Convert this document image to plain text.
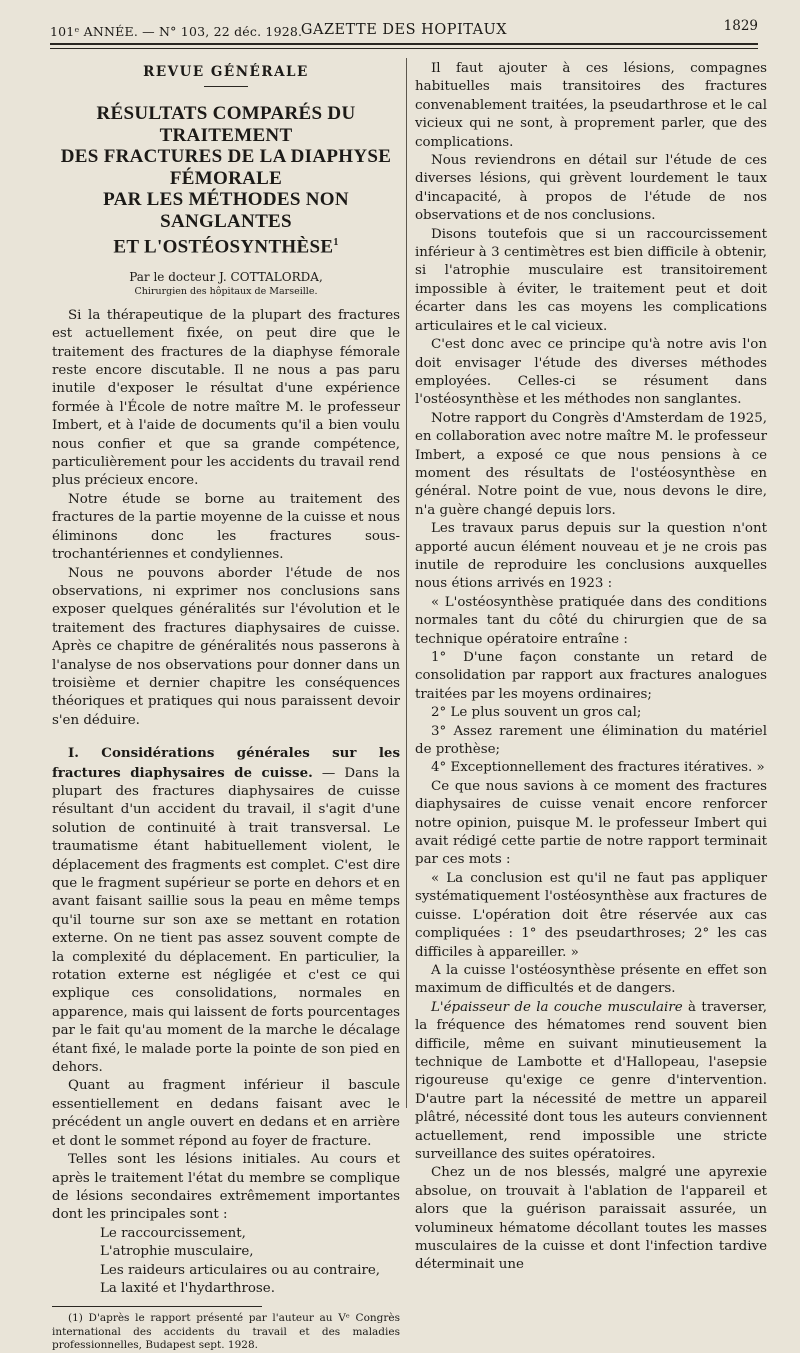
101ᵉ ANNÉE. — N° 103, 22 déc. 1928.
GAZETTE DES HOPITAUX	1829
REVUE GÉNÉRALE
RÉSULTATS COMPARÉS DU TRAITEMENT
DES FRACTURES DE LA DIAPHYSE FÉMORALE
PAR LES MÉTHODES NON SANGLANTES
ET L'OSTÉOSYNTHÈSE$^1$
Par le docteur J. COTTALORDA,
Chirurgien des hôpitaux de Marseille.

Si la thérapeutique de la plupart des fractures est actuellement fixée, on peut dire que le traitement des fractures de la diaphyse fémorale reste encore discutable. Il ne nous a pas paru inutile d'exposer le résultat d'une expérience formée à l'École de notre maître M. le professeur Imbert, et à l'aide de documents qu'il a bien voulu nous confier et que sa grande compétence, particulièrement pour les accidents du travail rend plus précieux encore.

Notre étude se borne au traitement des fractures de la partie moyenne de la cuisse et nous éliminons donc les fractures sous-trochantériennes et condyliennes.

Nous ne pouvons aborder l'étude de nos observations, ni exprimer nos conclusions sans exposer quelques généralités sur l'évolution et le traitement des fractures diaphysaires de cuisse. Après ce chapitre de généralités nous passerons à l'analyse de nos observations pour donner dans un troisième et dernier chapitre les conséquences théoriques et pratiques qui nous paraissent devoir s'en déduire.

I. Considérations générales sur les fractures diaphysaires de cuisse. — Dans la plupart des fractures diaphysaires de cuisse résultant d'un accident du travail, il s'agit d'une solution de continuité à trait transversal. Le traumatisme étant habituellement violent, le déplacement des fragments est complet. C'est dire que le fragment supérieur se porte en dehors et en avant faisant saillie sous la peau en même temps qu'il tourne sur son axe se mettant en rotation externe. On ne tient pas assez souvent compte de la complexité du déplacement. En particulier, la rotation externe est négligée et c'est ce qui explique ces consolidations, normales en apparence, mais qui laissent de forts pourcentages par le fait qu'au moment de la marche le décalage étant fixé, le malade porte la pointe de son pied en dehors.

Quant au fragment inférieur il bascule essentiellement en dedans faisant avec le précédent un angle ouvert en dedans et en arrière et dont le sommet répond au foyer de fracture.

Telles sont les lésions initiales. Au cours et après le traitement l'état du membre se complique de lésions secondaires extrêmement importantes dont les principales sont :

Le raccourcissement,
L'atrophie musculaire,
Les raideurs articulaires ou au contraire,
La laxité et l'hydarthrose.
(1) D'après le rapport présenté par l'auteur au Vᵉ Congrès international des accidents du travail et des maladies professionnelles, Budapest sept. 1928.

Il faut ajouter à ces lésions, compagnes habituelles mais transitoires des fractures convenablement traitées, la pseudarthrose et le cal vicieux qui ne sont, à proprement parler, que des complications.

Nous reviendrons en détail sur l'étude de ces diverses lésions, qui grèvent lourdement le taux d'incapacité, à propos de l'étude de nos observations et de nos conclusions.

Disons toutefois que si un raccourcissement inférieur à 3 centimètres est bien difficile à obtenir, si l'atrophie musculaire est transitoirement impossible à éviter, le traitement peut et doit écarter dans les cas moyens les complications articulaires et le cal vicieux.

C'est donc avec ce principe qu'à notre avis l'on doit envisager l'étude des diverses méthodes employées. Celles-ci se résument dans l'ostéosynthèse et les méthodes non sanglantes.

Notre rapport du Congrès d'Amsterdam de 1925, en collaboration avec notre maître M. le professeur Imbert, a exposé ce que nous pensions à ce moment des résultats de l'ostéosynthèse en général. Notre point de vue, nous devons le dire, n'a guère changé depuis lors.

Les travaux parus depuis sur la question n'ont apporté aucun élément nouveau et je ne crois pas inutile de reproduire les conclusions auxquelles nous étions arrivés en 1923 :

« L'ostéosynthèse pratiquée dans des conditions normales tant du côté du chirurgien que de sa technique opératoire entraîne :

1° D'une façon constante un retard de consolidation par rapport aux fractures analogues traitées par les moyens ordinaires;

2° Le plus souvent un gros cal;

3° Assez rarement une élimination du matériel de prothèse;

4° Exceptionnellement des fractures itératives. »

Ce que nous savions à ce moment des fractures diaphysaires de cuisse venait encore renforcer notre opinion, puisque M. le professeur Imbert qui avait rédigé cette partie de notre rapport terminait par ces mots :

« La conclusion est qu'il ne faut pas appliquer systématiquement l'ostéosynthèse aux fractures de cuisse. L'opération doit être réservée aux cas compliquées : 1° des pseudarthroses; 2° les cas difficiles à appareiller. »

A la cuisse l'ostéosynthèse présente en effet son maximum de difficultés et de dangers.

L'épaisseur de la couche musculaire à traverser, la fréquence des hématomes rend souvent bien difficile, même en suivant minutieusement la technique de Lambotte et d'Hallopeau, l'asepsie rigoureuse qu'exige ce genre d'intervention. D'autre part la nécessité de mettre un appareil plâtré, nécessité dont tous les auteurs conviennent actuellement, rend impossible une stricte surveillance des suites opératoires.

Chez un de nos blessés, malgré une apyrexie absolue, on trouvait à l'ablation de l'appareil et alors que la guérison paraissait assurée, un volumineux hématome décollant toutes les masses musculaires de la cuisse et dont l'infection tardive déterminait une
